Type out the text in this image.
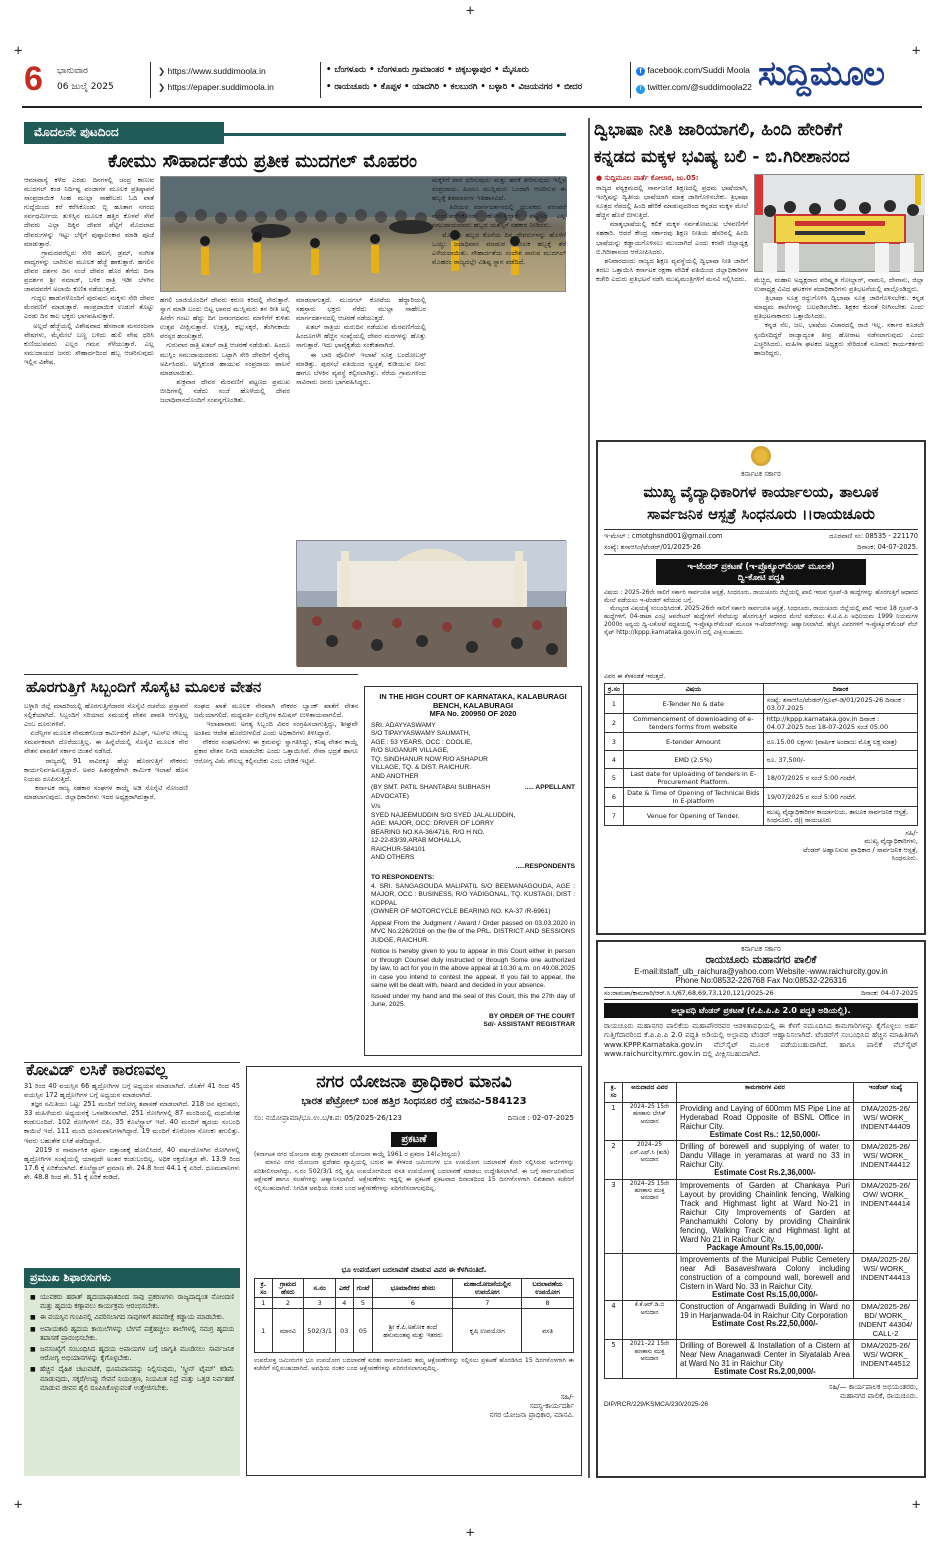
+	+
+	+
+
+
6 ಭಾನುವಾರ
06 ಜುಲೈ 2025
❯ https://www.suddimoola.in
❯ https://epaper.suddimoola.in
• ಬೆಂಗಳೂರು • ಬೆಂಗಳೂರು ಗ್ರಾಮಾಂತರ • ಚಿಕ್ಕಬಳ್ಳಾಪುರ • ಮೈಸೂರು
• ರಾಯಚೂರು • ಕೊಪ್ಪಳ • ಯಾದಗಿರಿ • ಕಲಬುರಗಿ • ಬಳ್ಳಾರಿ • ವಿಜಯನಗರ • ಬೀದರ
f facebook.com/Suddi Moola
t twitter.com/@suddimoola22 ಸುದ್ದಿಮೂಲ
ಮೊದಲನೇ ಪುಟದಿಂದ
ಕೋಮು ಸೌಹಾರ್ದತೆಯ ಪ್ರತೀಕ ಮುದಗಲ್ ಮೊಹರಂ
ಆಮಾವಾಸ್ಯೆ ಕಳೆದ ಎರಡು ದಿನಗಳಲ್ಲಿ ಚಂದ್ರ ಕಾಣುವ ಮುದಗಲ್‌ ಕಂಡ ನಿರ್ದಿಷ್ಟ ಪಂಜಾಗಳ ಮೂಲಕ ಪ್ರತಿಷ್ಠಾಪನೆ ಸಾಂಪ್ರದಾಯಿಕ ಸಿಂಹ ಮುಲ್ಲಾ ಸಾಹೇಬರು ಓದಿ ಪಾತೆ ಗುದ್ದೆಯಿಂದ ಕರೆ ಕರೆಸಿಕೊಂಡು ಬ್ಬಿ ಹೂತಾಗ ನಗರದ ಸರ್ವಧರ್ಮೀಯ ತುಳಿಸ್ಸಿನ ಮೂಲಕ ಹತ್ತಿರ ಕೊಳವೆ ಸೇವೆ ದೇವರು ಎಲ್ಲಾ ದಿಕ್ಕಿನ ದೇವರ ಪೆಟ್ಟಿಗೆ ಮೊದಲಾದ ದೇವರುಗಳನ್ನು ಇಟ್ಟು ಬೆಳ್ಳಿಗೆ ಪುಷ್ಪಾಲಂಕಾರ ಮಾಡಿ ಪೂಜೆ ಮಾಡುತ್ತಾರೆ.
ಗ್ರಾಮದವರೆಲ್ಲರು ಸೇರಿ ಹಲಗೆ, ಡ್ರಮ್, ಸಂಗೀತ ವಾದ್ಯಗಳನ್ನು ಬಾರಿಸುವ ಮೂಲಕ ಹೆಜ್ಜೆ ಹಾಕುತ್ತಾರೆ. ಹಗಲಿನ ದೇವರ ದರ್ಶನ ದಿನ ಸಂಜೆ ದೇವರ ಹೊರ ತೆಗೆದು ದಿನಾ ಪ್ರದರ್ಶನ ಶ್ರೀ ನಮಾಜ್, ಬಳಿಕ ರಾತ್ರಿ ಇಡೀ ಬೆಳಗಿನ ಜಾವದವರೆಗೆ ಅಲಾಯಿ ಕುಣಿತ ನಡೆಯುತ್ತದೆ.
ಗುದ್ದಲ ಹಾಡುಗಳೊಂದಿಗೆ ಪುರುಷರು ಮಕ್ಕಳು ಸೇರಿ ದೇವರ ಮೆರವಣಿಗೆ ಮಾಡುತ್ತಾರೆ. ಸಾಂಪ್ರದಾಯಿಕ ಉಡುಗೆ ತೊಟ್ಟು ಎರಡು ದಿನ ಕಾಲ ಭಕ್ತರು ಭಾಗವಹಿಸುತ್ತಾರೆ.
ಅಲ್ಲದೆ ಹೆಜ್ಜೆಯಲ್ಲಿ ವಿಶೇಷವಾದ ಹೆಸರಾಂತ ಮನರಂಜನಾ ವೇಷಗಳು, ಮೈಮೇಲೆ ಬಣ್ಣ ಬಳಿದು ಹುಲಿ ವೇಷ ಧರಿಸಿ ಕುಣಿಯುವವರು ಎಲ್ಲರ ಗಮನ ಸೆಳೆಯುತ್ತಾರೆ. ಎಲ್ಲ ಸಮುದಾಯದ ಜನರು ಸೌಹಾರ್ದದಿಂದ ಹಬ್ಬ ಆಚರಿಸುವುದು ಇಲ್ಲಿನ ವಿಶೇಷ.
ಹಗಲಿ ಬಾಜಿಯೊಂದಿಗೆ ದೇವರು ಕರುಣ ಕರಿದಲ್ಲಿ ಸೇರುತ್ತಾರೆ. ಸ್ವಾಗ ಮಾಡಿ ಬಂದು ಬಿಟ್ಟ ಭಾವದ ಮುಸ್ಲಿಮರು ತನ ರೀತಿ ಅಲ್ಲಿ ಹೀರೆಗ ಗಂಟು ಹೆದ್ದು ದಿಗ ಜನಾಂಗದವರು ಮಾಳಿಗೆಗೆ ಕುಳಿತು ಉತ್ಸವ ವೀಕ್ಷಿಸುತ್ತಾರೆ. ಉತ್ತತ್ತಿ, ಕಲ್ಲುಸಕ್ಕರೆ, ತೆಂಗಿನಕಾಯಿ ಪರಸ್ಪರ ಹಂಚುತ್ತಾರೆ.
ಗುರುವಾರ ರಾತ್ರಿ ಖತಲ್ ರಾತ್ರಿ ಆಚರಣೆ ನಡೆಯಿತು. ಹಿಂದೂ ಮುಸ್ಲಿಂ ಸಮುದಾಯದವರು ಒಟ್ಟಾಗಿ ಸೇರಿ ದೇವರಿಗೆ ನೈವೇದ್ಯ ಅರ್ಪಿಸಿದರು. ಅಗ್ನಿಕುಂಡ ಹಾಯುವ ಸಂಪ್ರದಾಯ ಪಾಲನೆ ಮಾಡಲಾಯಿತು.
ಶುಕ್ರವಾರ ದೇವರ ಮೆರವಣಿಗೆ ಪಟ್ಟಣದ ಪ್ರಮುಖ ಬೀದಿಗಳಲ್ಲಿ ನಡೆದು ಸಂಜೆ ಹೊಳೆಯಲ್ಲಿ ದೇವರ ಜಲಾಧಿವಾಸದೊಂದಿಗೆ ಸಂಪನ್ನಗೊಂಡಿತು.
ಮಾಡಲಾಗುತ್ತದೆ. ಮುದಗಲ್ ಕೋಟೆಯ ಹೆದ್ದಾರಿಯಲ್ಲಿ ಸಹಸ್ರಾರು ಭಕ್ತರು ನೆರೆದು ಮುಲ್ಲಾ ಸಾಹೇಬರ ಮಾರ್ಗದರ್ಶನದಲ್ಲಿ ಆಚರಣೆ ನಡೆಯುತ್ತದೆ.
ಖತಲ್ ರಾತ್ರಿಯ ಮರುದಿನ ನಡೆಯುವ ಮೆರವಣಿಗೆಯಲ್ಲಿ ಹಿಂದೂಗಳೇ ಹೆಚ್ಚಿನ ಸಂಖ್ಯೆಯಲ್ಲಿ ದೇವರ ಮರಗಳನ್ನು ಹೊತ್ತು ಸಾಗುತ್ತಾರೆ. ಇದು ಭಾವೈಕ್ಯತೆಯ ಸಂಕೇತವಾಗಿದೆ.
ಈ ಬಾರಿ ಪೊಲೀಸ್ ಇಲಾಖೆ ಸೂಕ್ತ ಬಂದೋಬಸ್ತ್ ಮಾಡಿತ್ತು. ಪುರಸಭೆ ವತಿಯಿಂದ ಸ್ವಚ್ಛತೆ, ಕುಡಿಯುವ ನೀರು ಹಾಗೂ ಬೆಳಕಿನ ವ್ಯವಸ್ಥೆ ಕಲ್ಪಿಸಲಾಗಿತ್ತು. ನೆರೆಯ ಗ್ರಾಮಗಳಿಂದ ಸಾವಿರಾರು ಜನರು ಭಾಗವಹಿಸಿದ್ದರು.
ಮಕ್ಕಳಿಗೆ ಪಾಠ ಧರಿಸುವುದು ಮತ್ತು ಹರಕೆ ತೀರಿಸುವುದು ಇಲ್ಲಿನ ಸಂಪ್ರದಾಯ. ಹಿಂದೂ ಮುಸ್ಲಿಮರು ಒಂದಾಗಿ ಆಚರಿಸುವ ಈ ಹಬ್ಬಕ್ಕೆ ಶತಮಾನಗಳ ಇತಿಹಾಸವಿದೆ.
ಹಿರಿಯರ ಮಾರ್ಗದರ್ಶನದಲ್ಲಿ ಯುವಕರು ಪರಂಪರೆ ಮುಂದುವರೆಸಿಕೊಂಡು ಹೋಗುತ್ತಿದ್ದಾರೆ. ಪಟ್ಟಣದ ಎಲ್ಲ ಸಮುದಾಯದವರು ಹಬ್ಬದ ಯಶಸ್ಸಿಗೆ ಸಹಕಾರ ನೀಡಿದರು.
ಮೊಹರಂ ಹಬ್ಬದ ಕೊನೆಯ ದಿನ ದೇವರುಗಳನ್ನು ಹೊಳೆಗೆ ಒಯ್ದು ಜಲಾಧಿವಾಸ ಮಾಡುವ ಮೂಲಕ ಹಬ್ಬಕ್ಕೆ ತೆರೆ ಎಳೆಯಲಾಯಿತು. ಸೌಹಾರ್ದತೆಯ ಸಂದೇಶ ಸಾರುವ ಮುದಗಲ್ ಮೊಹರಂ ರಾಜ್ಯದಲ್ಲೇ ವಿಶಿಷ್ಟ ಸ್ಥಾನ ಪಡೆದಿದೆ.
ಹೊರಗುತ್ತಿಗೆ ಸಿಬ್ಬಂದಿಗೆ ಸೊಸೈಟಿ ಮೂಲಕ ವೇತನ
ಬಳ್ಳಾರಿ ಜಿಲ್ಲೆ ಮಾದರಿಯಲ್ಲಿ ಹೊರಗುತ್ತಿಗೆದಾರರ ಸೊಸೈಟಿ ರಚನೆಯ ಪ್ರಸ್ತಾವನೆ ಸಲ್ಲಿಕೆಯಾಗಿದೆ. ಸಿಬ್ಬಂದಿಗೆ ಸರಿಯಾದ ಸಮಯಕ್ಕೆ ವೇತನ ಪಾವತಿ ಆಗುತ್ತಿಲ್ಲ ಎಂಬ ದೂರುಗಳಿವೆ.
ಏಜೆನ್ಸಿಗಳ ಮೂಲಕ ನೇಮಕಗೊಂಡ ಕಾರ್ಮಿಕರಿಗೆ ಪಿಎಫ್, ಇಎಸ್ಐ ಸೌಲಭ್ಯ ಸಮರ್ಪಕವಾಗಿ ದೊರೆಯುತ್ತಿಲ್ಲ. ಈ ಹಿನ್ನೆಲೆಯಲ್ಲಿ ಸೊಸೈಟಿ ಮೂಲಕ ನೇರ ವೇತನ ಪಾವತಿಗೆ ಸರ್ಕಾರ ಚಿಂತನೆ ನಡೆಸಿದೆ.
ರಾಜ್ಯದಲ್ಲಿ 91 ಸಾವಿರಕ್ಕೂ ಹೆಚ್ಚು ಹೊರಗುತ್ತಿಗೆ ನೌಕರರು ಕಾರ್ಯನಿರ್ವಹಿಸುತ್ತಿದ್ದಾರೆ. ಅವರ ಹಿತರಕ್ಷಣೆಗಾಗಿ ಕಾರ್ಮಿಕ ಇಲಾಖೆ ಹೊಸ ನಿಯಮ ರೂಪಿಸುತ್ತಿದೆ.
ಕರ್ನಾಟಕ ರಾಜ್ಯ ಸಹಕಾರ ಸಂಘಗಳ ಕಾಯ್ದೆ ಅಡಿ ಸೊಸೈಟಿ ನೋಂದಣಿ ಮಾಡಲಾಗುವುದು. ಜಿಲ್ಲಾಧಿಕಾರಿಗಳು ಇದರ ಅಧ್ಯಕ್ಷರಾಗಿರುತ್ತಾರೆ.
ಸಂಘದ ಖಾತೆ ಮೂಲಕ ನೇರವಾಗಿ ನೌಕರರ ಬ್ಯಾಂಕ್ ಖಾತೆಗೆ ವೇತನ ಜಮೆಯಾಗಲಿದೆ. ಮಧ್ಯವರ್ತಿ ಏಜೆನ್ಸಿಗಳ ಕಮಿಷನ್ ಉಳಿತಾಯವಾಗಲಿದೆ.
ಇಲಾಖಾವಾರು ಅಗತ್ಯ ಸಿಬ್ಬಂದಿ ವಿವರ ಸಂಗ್ರಹಿಸಲಾಗುತ್ತಿದ್ದು, ಶೀಘ್ರವೇ ಅಂತಿಮ ಆದೇಶ ಹೊರಬೀಳಲಿದೆ ಎಂದು ಅಧಿಕಾರಿಗಳು ತಿಳಿಸಿದ್ದಾರೆ.
ನೌಕರರ ಸಂಘಟನೆಗಳು ಈ ಕ್ರಮವನ್ನು ಸ್ವಾಗತಿಸಿದ್ದು, ಕನಿಷ್ಠ ವೇತನ ಕಾಯ್ದೆ ಪ್ರಕಾರ ವೇತನ ನಿಗದಿ ಮಾಡಬೇಕು ಎಂದು ಒತ್ತಾಯಿಸಿವೆ. ಸೇವಾ ಭದ್ರತೆ ಹಾಗೂ ಆರೋಗ್ಯ ವಿಮೆ ಸೌಲಭ್ಯ ಕಲ್ಪಿಸಬೇಕು ಎಂಬ ಬೇಡಿಕೆ ಇಟ್ಟಿವೆ.
IN THE HIGH COURT OF KARNATAKA, KALABURAGI BENCH, KALABURAGI
MFA No. 200950 OF 2020
SRI. ADAYYASWAMY
S/O TIPAYYASWAMY SAUMATH,
AGE : 53 YEARS, OCC : COOLIE,
R/O SUGANUR VILLAGE,
TQ: SINDHANUR NOW R/O ASHAPUR
VILLAGE, TQ. & DIST. RAICHUR.
AND ANOTHER
(BY SMT. PATIL SHANTABAI SUBHASH
ADVOCATE)
..... APPELLANT
V/s
SYED NAJEEMUDDIN S/O SYED JALALUDDIN,
AGE: MAJOR, OCC: DRIVER OF LORRY
BEARING NO.KA-36/4716, R/O H NO.
12-22-83/39,ARAB MOHALLA,
RAICHUR-584101
AND OTHERS
.....RESPONDENTS
TO RESPONDENTS:
4. SRI. SANGAGOUDA MALIPATIL S/O BEEMANAGOUDA, AGE : MAJOR, OCC : BUSINESS, R/O YADIGONAL, TQ. KUSTAGI, DIST : KOPPAL
(OWNER OF MOTORCYCLE BEARING NO. KA-37 /R-6961)
Appeal From the Judgment / Award / Order passed on 03.03.2020 in MVC No.226/2016 on the file of the PRL. DISTRICT AND SESSIONS JUDGE, RAICHUR.
Notice is hereby given to you to appear in this Court either in person or through Counsel duly instructed or through Some one authorized by law, to act for you in the above appeal at 10.30 a.m. on 49.08.2025 in case you intend to contest the appeal. If you fail to appear, the same will be dealt with, heard and decided in your absence.
Issued under my hand and the seal of this Court, this the 27th day of June, 2025.
BY ORDER OF THE COURT
Sd/- ASSISTANT REGISTRAR
ಕೋವಿಡ್ ಲಸಿಕೆ ಕಾರಣವಲ್ಲ
31 ರಿಂದ 40 ವಯಸ್ಸಿನ 66 ಹೃದ್ರೋಗಿಗಳ ಬಗ್ಗೆ ಅಧ್ಯಯನ ಮಾಡಲಾಗಿದೆ. ಜೊತೆಗೆ 41 ರಿಂದ 45 ವಯಸ್ಸಿನ 172 ಹೃದ್ರೋಗಿಗಳ ಬಗ್ಗೆ ಅಧ್ಯಯನ ಮಾಡಲಾಗಿದೆ.
ತಜ್ಞರ ಸಮಿತಿಯು ಒಟ್ಟು 251 ಮಂದಿಗೆ ಆರೋಗ್ಯ ತಪಾಸಣೆ ಮಾಡಲಾಗಿದೆ. 218 ಜನ ಪುರುಷರು, 33 ಮಹಿಳೆಯರು ಅಧ್ಯಯನಕ್ಕೆ ಒಳಪಡಿಸಲಾಗಿದೆ. 251 ರೋಗಿಗಳಲ್ಲಿ 87 ಮಂದಿಯಲ್ಲಿ ಮಧುಮೇಹ ಕಂಡುಬಂದಿದೆ. 102 ರೋಗಿಗಳಿಗೆ ಬಿಪಿ, 35 ಕೊಲೆಸ್ಟ್ರಾಲ್ ಇದೆ. 40 ಮಂದಿಗೆ ಹೃದಯ ಸಂಬಂಧಿ ಕಾಯಿಲೆ ಇದೆ. 111 ಮಂದಿ ಧೂಮಪಾನಿಗಳಾಗಿದ್ದಾರೆ. 19 ಮಂದಿಗೆ ಕೊರೋನಾ ಸೋಂಕು ತಗುಲಿತ್ತು. ಇವರು ಬಹುತೇಕ ಲಸಿಕೆ ಪಡೆದಿದ್ದಾರೆ.
2019 ರ ನಾರ್ಮಾಸಿಕ ಪೂರ್ವ ದತ್ತಾಂಶಕ್ಕೆ ಹೋಲಿಸಿದರೆ, 40 ವರ್ಷದೊಳಗಿನ ರೋಗಿಗಳಲ್ಲಿ ಹೃದ್ರೋಗಿಗಳ ಸಂಖ್ಯೆಯಲ್ಲಿ ಯಾವುದೇ ಅಂತರ ಕಂಡುಬಂದಿಲ್ಲ. ಅಧಿಕ ರಕ್ತದೊತ್ತಡ ಶೇ. 13.9 ರಿಂದ 17.6 ಕ್ಕೆ ಏರಿಕೆಯಾಗಿದೆ. ಕೊಲೆಸ್ಟ್ರಾಲ್ ಪ್ರಮಾಣ ಶೇ. 24.8 ರಿಂದ 44.1 ಕ್ಕೆ ಏರಿದೆ. ಧೂಮಪಾನಿಗಳು ಶೇ. 48.8 ರಿಂದ ಶೇ. 51 ಕ್ಕೆ ಏರಿಕೆ ಕಂಡಿದೆ.
ಪ್ರಮುಖ ಶಿಫಾರಸುಗಳು
■ ಯುವಕರು ಹಠಾತ್ ಹೃದಯಾಘಾತದಿಂದ ಸಾವು ಪ್ರಕರಣಗಳು ರಾಜ್ಯದಾದ್ಯಂತ ನೋಂದಣಿ ಮತ್ತು ಹೃದಯ ಕಣ್ಗಾವಲು ಕಾರ್ಯಕ್ರಮ ಆರಂಭಿಸಬೇಕು.
■ ಈ ವಯಸ್ಸಿನ ಗುಂಪಿನಲ್ಲಿ ವಿವರಿಸಲಾಗದ ಸಾವುಗಳಿಗೆ ಶವಪರೀಕ್ಷೆ ಕಡ್ಡಾಯ ಮಾಡಬೇಕು.
■ ಅಪಾಯಕಾರಿ ಹೃದಯ ಕಾಯಿಲೆಗಳನ್ನು ಬೇಗನೆ ಪತ್ತೆಹಚ್ಚಲು ಶಾಲೆಗಳಲ್ಲಿ ಸಮಗ್ರ ಹೃದಯ ತಪಾಸಣೆ ಪ್ರಾರಂಭಿಸಬೇಕು.
■ ಜನಸಂಖ್ಯೆಗೆ ಸಂಬಂಧಿಸಿದ ಹೃದಯ ಅಪಾಯಗಳ ಬಗ್ಗೆ ಜಾಗೃತಿ ಮೂಡಿಸಲು ಸಾರ್ವಜನಿಕ ಆರೋಗ್ಯ ಅಭಿಯಾನಗಳನ್ನು ಕೈಗೊಳ್ಳಬೇಕು.
■ ಹೆಚ್ಚಿನ ದೈಹಿಕ ಚಟುವಟಿಕೆ, ಧೂಮಪಾನವನ್ನು ನಿಲ್ಲಿಸುವುದು, 'ಸ್ಕ್ರೀನ್ ಟೈಮ್' ಕಡಿಮೆ ಮಾಡುವುದು, ಸಕ್ಕರೆ/ಉಪ್ಪು ಸೇವನೆ ನಿಯಂತ್ರಣ, ನಿಯಮಿತ ನಿದ್ರೆ ಮತ್ತು ಒತ್ತಡ ನಿರ್ವಹಣೆ ಮಾಡುವ ಜೀವನ ಶೈಲಿ ರೂಪಿಸಿಕೊಳ್ಳುವಂತೆ ಉತ್ತೇಜಿಸಬೇಕು.
ನಗರ ಯೋಜನಾ ಪ್ರಾಧಿಕಾರ ಮಾನವಿ
ಭಾರತ ಪೆಟ್ರೋಲ್ ಬಂಕ ಹತ್ತಿರ ಸಿಂಧನೂರ ರಸ್ತೆ ಮಾನವಿ-584123
ಸಂ: ನಯೋಪ್ರಾಮಾ/ಭೂ.ಉ.ಬ/ಕ.ಪ: 05/2025-26/123	ದಿನಾಂಕ : 02-07-2025
ಪ್ರಕಟಣೆ
(ಕರ್ನಾಟಕ ನಗರ ಯೋಜನಾ ಮತ್ತು ಗ್ರಾಮಾಂತರ ಯೋಜನಾ ಕಾಯ್ದೆ 1961 ರ ಪ್ರಕರಣ 14(ಎ)ರನ್ವಯ)
ಮಾನವಿ ನಗರ ಯೋಜನಾ ಪ್ರದೇಶದ ವ್ಯಾಪ್ತಿಯಲ್ಲಿ ಬರುವ ಈ ಕೆಳಕಂಡ ಜಮೀನುಗಳ ಭೂ ಉಪಯೋಗ ಬದಲಾವಣೆ ಕೋರಿ ಸಲ್ಲಿಸಿರುವ ಅರ್ಜಿಗಳನ್ನು ಪರಿಶೀಲಿಸಲಾಗಿದ್ದು, ಸ.ನಂ 502/3/1 ರಲ್ಲಿ ಕೃಷಿ ಉಪಯೋಗದಿಂದ ವಸತಿ ಉಪಯೋಗಕ್ಕೆ ಬದಲಾವಣೆ ಮಾಡಲು ಉದ್ದೇಶಿಸಲಾಗಿದೆ. ಈ ಬಗ್ಗೆ ಸಾರ್ವಜನಿಕರಿಂದ ಆಕ್ಷೇಪಣೆ ಹಾಗೂ ಸಲಹೆಗಳನ್ನು ಆಹ್ವಾನಿಸಲಾಗಿದೆ. ಆಕ್ಷೇಪಣೆಗಳು ಇದ್ದಲ್ಲಿ ಈ ಪ್ರಕಟಣೆ ಪ್ರಕಟವಾದ ದಿನಾಂಕದಿಂದ 15 ದಿನಗಳೊಳಗಾಗಿ ಲಿಖಿತವಾಗಿ ಕಚೇರಿಗೆ ಸಲ್ಲಿಸಬಹುದಾಗಿದೆ. ನಿಗದಿತ ಅವಧಿಯ ನಂತರ ಬಂದ ಆಕ್ಷೇಪಣೆಗಳನ್ನು ಪರಿಗಣಿಸಲಾಗುವುದಿಲ್ಲ.
ಭೂ ಉಪಯೋಗ ಬದಲಾವಣೆ ಮಾಡುವ ವಿವರ ಈ ಕೆಳಗಿನಂತಿದೆ.
ಕ್ರ. ಸಂ	ಗ್ರಾಮದ ಹೆಸರು	ಸ.ನಂ	ಎಕರೆ	ಗುಂಟೆ	ಭೂಮಾಲೀಕರ ಹೆಸರು	ಮಹಾಯೋಜನೆಯಲ್ಲಿನ ಉಪಯೋಗ	ಬದಲಾವಣೆಯ ಉಪಯೋಗ
1	2	3	4	5	6	7	8
1	ಮಾನವಿ	502/3/1	03	05	ಶ್ರೀ ಕೆ.ಪಿ.ಅಶೋಕ ತಂದೆ ಹನುಮಂತಪ್ಪ ಮತ್ತು ಇತರರು	ಕೃಷಿ ಉಪಯೋಗ	ವಸತಿ
ಉಪರೋಕ್ತ ಜಮೀನುಗಳ ಭೂ ಉಪಯೋಗ ಬದಲಾವಣೆ ಕುರಿತು ಸಾರ್ವಜನಿಕರು ತಮ್ಮ ಆಕ್ಷೇಪಣೆಗಳನ್ನು ಸಲ್ಲಿಸಲು ಪ್ರಕಟಣೆ ಹೊರಡಿಸಿದ 15 ದಿನಗಳೊಳಗಾಗಿ ಈ ಕಚೇರಿಗೆ ಸಲ್ಲಿಸಬಹುದಾಗಿದೆ. ಅವಧಿಯ ನಂತರ ಬಂದ ಆಕ್ಷೇಪಣೆಗಳನ್ನು ಪರಿಗಣಿಸಲಾಗುವುದಿಲ್ಲ.
ಸಹಿ/-
ಸದಸ್ಯ-ಕಾರ್ಯದರ್ಶಿ
ನಗರ ಯೋಜನಾ ಪ್ರಾಧಿಕಾರ, ಮಾನವಿ.
ದ್ವಿಭಾಷಾ ನೀತಿ ಜಾರಿಯಾಗಲಿ, ಹಿಂದಿ ಹೇರಿಕೆಗೆ
ಕನ್ನಡದ ಮಕ್ಕಳ ಭವಿಷ್ಯ ಬಲಿ - ಬಿ.ಗಿರೀಶಾನಂದ
● ಸುದ್ದಿಮೂಲ ವಾರ್ತೆ ಕೋಲಾರ, ಜು.05:
ರಾಜ್ಯದ ಪಠ್ಯಕ್ರಮದಲ್ಲಿ ಸಾರ್ವಜನಿಕ ಶಿಕ್ಷಣದಲ್ಲಿ ಪ್ರಥಮ ಭಾಷೆಯಾಗಿ, ಇಂಗ್ಲಿಷನ್ನು ದ್ವಿತೀಯ ಭಾಷೆಯಾಗಿ ಮಾತ್ರ ಜಾರಿಗೊಳಿಸಬೇಕು. ತ್ರಿಭಾಷಾ ಸೂತ್ರದ ನೆಪದಲ್ಲಿ ಹಿಂದಿ ಹೇರಿಕೆ ಮಾಡುವುದರಿಂದ ಕನ್ನಡದ ಮಕ್ಕಳ ಮೇಲೆ ಹೆಚ್ಚಿನ ಹೊರೆ ಬೀಳುತ್ತಿದೆ.
ಮಾತೃಭಾಷೆಯಲ್ಲಿ ಕಲಿಕೆ ಮಕ್ಕಳ ಸರ್ವತೋಮುಖ ಬೆಳವಣಿಗೆಗೆ ಸಹಕಾರಿ. ಆದರೆ ಕೇಂದ್ರ ಸರ್ಕಾರವು ಶಿಕ್ಷಣ ನೀತಿಯ ಹೆಸರಿನಲ್ಲಿ ಹಿಂದಿ ಭಾಷೆಯನ್ನು ಕಡ್ಡಾಯಗೊಳಿಸಲು ಮುಂದಾಗಿದೆ ಎಂದು ಕರವೇ ಜಿಲ್ಲಾಧ್ಯಕ್ಷ ಬಿ.ಗಿರೀಶಾನಂದ ಆರೋಪಿಸಿದರು.
ಶನಿವಾರದಂದು ರಾಜ್ಯದ ಶಿಕ್ಷಣ ವ್ಯವಸ್ಥೆಯಲ್ಲಿ ದ್ವಿಭಾಷಾ ನೀತಿ ಜಾರಿಗೆ ತರಲು ಒತ್ತಾಯಿಸಿ ಕರ್ನಾಟಕ ರಕ್ಷಣಾ ವೇದಿಕೆ ವತಿಯಿಂದ ಜಿಲ್ಲಾಧಿಕಾರಿಗಳ ಕಚೇರಿ ಎದುರು ಪ್ರತಿಭಟನೆ ನಡೆಸಿ ಮುಖ್ಯಮಂತ್ರಿಗಳಿಗೆ ಮನವಿ ಸಲ್ಲಿಸಿದರು. ಮೆಚ್ಚಿದ, ಮಹಾನಿ ಅಧ್ಯಕ್ಷರಾದ ಪರಿಷ್ಕೃತ ಗೋಲ್ದಾರ್, ನಾಮನಿ, ದೇವಾನು, ಜಿಲ್ಲಾ ಉಪಾಧ್ಯಕ್ಷ ವಿವಿಧ ಘಟಕಗಳ ಪದಾಧಿಕಾರಿಗಳು ಪ್ರತಿಭಟನೆಯಲ್ಲಿ ಪಾಲ್ಗೊಂಡಿದ್ದರು.
ತ್ರಿಭಾಷಾ ಸೂತ್ರ ರದ್ದುಗೊಳಿಸಿ ದ್ವಿಭಾಷಾ ಸೂತ್ರ ಜಾರಿಗೊಳಿಸಬೇಕು. ಕನ್ನಡ ಮಾಧ್ಯಮ ಶಾಲೆಗಳನ್ನು ಬಲಪಡಿಸಬೇಕು. ಶಿಕ್ಷಕರ ಕೊರತೆ ನೀಗಿಸಬೇಕು ಎಂದು ಪ್ರತಿಭಟನಾಕಾರರು ಒತ್ತಾಯಿಸಿದರು.
ಕನ್ನಡ ನೆಲ, ಜಲ, ಭಾಷೆಯ ವಿಚಾರದಲ್ಲಿ ರಾಜಿ ಇಲ್ಲ. ಸರ್ಕಾರ ಕೂಡಲೇ ಸ್ಪಂದಿಸದಿದ್ದರೆ ರಾಜ್ಯಾದ್ಯಂತ ತೀವ್ರ ಹೋರಾಟ ನಡೆಸಲಾಗುವುದು ಎಂದು ಎಚ್ಚರಿಸಿದರು. ಮಹಿಳಾ ಘಟಕದ ಅಧ್ಯಕ್ಷರು ಸೇರಿದಂತೆ ನೂರಾರು ಕಾರ್ಯಕರ್ತರು ಹಾಜರಿದ್ದರು.
ಕರ್ನಾಟಕ ಸರ್ಕಾರ
ಮುಖ್ಯ ವೈದ್ಯಾಧಿಕಾರಿಗಳ ಕಾರ್ಯಾಲಯ, ತಾಲೂಕ
ಸಾರ್ವಜನಿಕ ಆಸ್ಪತ್ರೆ ಸಿಂಧನೂರು ।।ರಾಯಚೂರು
ಇ-ಮೇಲ್ : cmotghsnd001@gmail.com	ದೂರವಾಣಿ ಸಂ: 08535 - 221170
ಸಂಖ್ಯೆ: ಶಸಾಆಸಿಂ/ಟೆಂಡರ್/01/2025-26	ದಿನಾಂಕ: 04-07-2025.
ಇ-ಟೆಂಡರ್ ಪ್ರಕಟಣೆ (ಇ-ಪ್ರೊಕ್ಯೂರ್‌ಮೆಂಟ್ ಮೂಲಕ)
ದ್ವಿ-ಕೋಟಿ ಪದ್ಧತಿ
ವಿಷಯ : 2025-26ನೇ ಸಾಲಿಗೆ ಸರ್ಕಾರಿ ಸಾರ್ವಜನಿಕ ಆಸ್ಪತ್ರೆ, ಸಿಂಧನೂರು, ರಾಯಚೂರು ಜಿಲ್ಲೆಯಲ್ಲಿ ಖಾಲಿ ಇರುವ ಗ್ರೂಪ್-ಡಿ ಹುದ್ದೆಗಳನ್ನು ಹೊರಗುತ್ತಿಗೆ ಆಧಾರದ ಮೇಲೆ ಪಡೆಯಲು ಇ-ಟೆಂಡರ್ ಕರೆಯುವ ಬಗ್ಗೆ.
ಮೇಲ್ಕಂಡ ವಿಷಯಕ್ಕೆ ಸಂಬಂಧಿಸಿದಂತೆ, 2025-26ನೇ ಸಾಲಿಗೆ ಸರ್ಕಾರಿ ಸಾರ್ವಜನಿಕ ಆಸ್ಪತ್ರೆ, ಸಿಂಧನೂರು, ರಾಯಚೂರು ಜಿಲ್ಲೆಯಲ್ಲಿ ಖಾಲಿ ಇರುವ 18 ಗ್ರೂಪ್-ಡಿ ಹುದ್ದೆಗಳಿಗೆ, 04-ಡಾಟಾ ಎಂಟ್ರಿ ಆಪರೇಟರ್ ಹುದ್ದೆಗಳಿಗೆ ಸೇವೆಯನ್ನು ಹೊರಗುತ್ತಿಗೆ ಆಧಾರದ ಮೇಲೆ ಪಡೆಯಲು ಕೆ.ಟಿ.ಪಿ.ಪಿ ಅಧಿನಿಯಮ 1999 ನಿಯಮಗಳ 2000ರ ಅನ್ವಯ ದ್ವಿ-ಲಕೋಟೆ ಪದ್ಧತಿಯಲ್ಲಿ ಇ-ಪ್ರೊಕ್ಯೂರ್‌ಮೆಂಟ್ ಮೂಲಕ ಇ-ಟೆಂಡರ್‌ಗಳನ್ನು ಆಹ್ವಾನಿಸಲಾಗಿದೆ. ಹೆಚ್ಚಿನ ವಿವರಗಳಿಗೆ ಇ-ಪ್ರೊಕ್ಯೂರ್‌ಮೆಂಟ್ ವೆಬ್ ಸೈಟ್ http://kppp.karnataka.gov.in ದಲ್ಲಿ ವೀಕ್ಷಿಸಬಹುದು.
ವಿವರ ಈ ಕೆಳಕಂಡತೆ ಇರುತ್ತದೆ.
ಕ್ರ.ಸಂ	ವಿಷಯ	ದಿನಾಂಕ
1	E-Tender No & date	ಸಂಖ್ಯೆ: ಶಸಾಆಸಿಂ/ಟೆಂಡರ್/ಗ್ರೂಪ್-ಡಿ/01/2025-26 ದಿನಾಂಕ : 03.07.2025
2	Commencement of downloading of e-tenders forms from website	http://kppp.karnataka.gov.in ದಿನಾಂಕ : 04.07.2025 ರಿಂದ 18-07-2025 ಸಂಜೆ 05.00
3	E-tender Amount	ರೂ.15.00 ಲಕ್ಷಗಳು (ವಾರ್ಷಿಕ ಅಂದಾಜು ಮೊತ್ತ ಲಕ್ಷ ಮಾತ್ರ)
4	EMD (2.5%)	ರೂ. 37,500/-
5	Last date for Uploading of tenders in E-Procurement Platform.	18/07/2025 ರ ಸಂಜೆ 5:00 ಗಂಟೆಗೆ.
6	Date & Time of Opening of Technical Bids In E-platform	19/07/2025 ರ ಸಂಜೆ 5:00 ಗಂಟೆಗೆ.
7	Venue for Opening of Tender.	ಮುಖ್ಯ ವೈದ್ಯಾಧಿಕಾರಿಗಳ ಕಾರ್ಯಾಲಯ, ತಾಲೂಕ ಸಾರ್ವಜನಿಕ ಆಸ್ಪತ್ರೆ, ಸಿಂಧನೂರು, ಜಿ|| ರಾಯಚೂರು
ಸಹಿ/-
ಮುಖ್ಯ ವೈದ್ಯಾಧಿಕಾರಿಗಳು,
ಟೆಂಡರ್ ಅಹ್ವಾನಿಸುವ ಪ್ರಾಧಿಕಾರ / ಸಾರ್ವಜನಿಕ ಆಸ್ಪತ್ರೆ,
ಸಿಂಧನೂರು.
ಕರ್ನಾಟಕ ಸರ್ಕಾರ
ರಾಯಚೂರು ಮಹಾನಗರ ಪಾಲಿಕೆ
E-mail:itstaff_ulb_raichura@yahoo.com Website:-www.raichurcity.gov.in
Phone No:08532-226768 Fax No:08532-226316
ಸಂ:ರಾಮಪಾ/ಕಾಮಗಾರಿ/ಆರ್.ಸಿ.ಸಿ/67,68,69,73,120,121/2025-26	ದಿನಾಂಕ: 04-07-2025
ಅಲ್ಪಾವಧಿ ಟೆಂಡರ್ ಪ್ರಕಟಣೆ (ಕೆ.ಪಿ.ಪಿ.ಪಿ 2.0 ಪದ್ಧತಿ ಅಡಿಯಲ್ಲಿ).
ರಾಯಚೂರು ಮಹಾನಗರ ಪಾಲಿಕೆಯ ಮಹಾಪೌರರವರ ಆಡಳಿತಾವಧಿಯಲ್ಲಿ ಈ ಕೆಳಗೆ ನಮೂದಿಸಿದ ಕಾಮಗಾರಿಗಳನ್ನು ಕೈಗೊಳ್ಳಲು ಅರ್ಹ ಗುತ್ತಿಗೆದಾರರಿಂದ ಕೆ.ಪಿ.ಪಿ.ಪಿ 2.0 ಪದ್ಧತಿ ಅಡಿಯಲ್ಲಿ ಅಲ್ಪಾವಧಿ ಟೆಂಡರ್ ಆಹ್ವಾನಿಸಲಾಗಿದೆ. ಟೆಂಡರ್‌ಗೆ ಸಂಬಂಧಿಸಿದ ಹೆಚ್ಚಿನ ಮಾಹಿತಿಗಾಗಿ www.KPPP.Karnataka.gov.in ವೆಬ್‌ಸೈಟ್ ಮೂಲಕ ಪಡೆಯಬಹುದಾಗಿದೆ. ಹಾಗೂ ಪಾಲಿಕೆ ವೆಬ್‌ಸೈಟ್ www.raichurcity.mrc.gov.in ದಲ್ಲಿ ವೀಕ್ಷಿಸಬಹುದಾಗಿದೆ.
ಕ್ರ. ಸಂ	ಅನುದಾನದ ವಿವರ	ಕಾಮಗಾರಿಗಳ ವಿವರ	ಇಂಡೆಂಟ್ ಸಂಖ್ಯೆ
1	2024–25 15ನೇ ಹಣಕಾಸು ಬೇಸಿಕ್ ಅನುದಾನ	Providing and Laying of 600mm MS Pipe Line at Hyderabad Road Opposite of BSNL Office in Raichur City.
Estimate Cost Rs.: 12,50,000/-	DMA/2025-26/ WS/ WORK_ INDENT44409
2	2024–25 ಎಸ್.ಎಫ್.ಸಿ (ಕುಡಿ) ಅನುದಾನ	Drilling of borewell and supplying of water to Dandu Village in yeramaras at ward no 33 in Raichur City.
Estimate Cost Rs.2,36,000/-	DMA/2025-26/ WS/ WORK_ INDENT44412
3	2024–25 15ನೇ ಹಣಕಾಸು ಮುಕ್ತ ಅನುದಾನ	Improvements of Garden at Chankaya Puri Layout by providing Chainlink fencing, Walking Track and Highmast light at Ward No-21 in Raichur City Improvements of Garden at Panchamukhi Colony by providing Chainlink fencing, Walking Track and Highmast light at Ward No 21 in Raichur City.
Package Amount Rs.15,00,000/-	DMA/2025-26/ OW/ WORK_ INDENT44414

		Improvements of the Municipal Public Cemetery near Adi Basaveshwara Colony including construction of a compound wall, borewell and Cistern in Ward No. 33 in Raichur City.
Estimate Cost Rs.15,00,000/-	DMA/2025-26/ WS/ WORK_ INDENT44413
4	ಕೆ.ಕೆ.ಆರ್.ಡಿ.ಬಿ ಅನುದಾನ	Construction of Anganwadi Building in Ward no 19 in Harjanwada-04 in Raichur City Corporation
Estimate Cost Rs.22,50,000/-	DMA/2025-26/ BD/ WORK_ INDENT 44304/ CALL-2
5	2021–22 15ನೇ ಹಣಕಾಸು ಮುಕ್ತ ಅನುದಾನ	Drilling of Borewell & Installation of a Cistern at Near New Anaganwadi Center in Siyatalab Area at Ward No 31 in Raichur City
Estimate Cost Rs.2,00,000/-	DMA/2025-26/ WS/ WORK_ INDENT44512
ಸಹಿ/— ಕಾರ್ಯಪಾಲಕ ಅಭಿಯಂತರರು,
ಮಹಾನಗರ ಪಾಲಿಕೆ, ರಾಯಚೂರು.
DIP/RCR/229/KSMCA/230/2025-26
